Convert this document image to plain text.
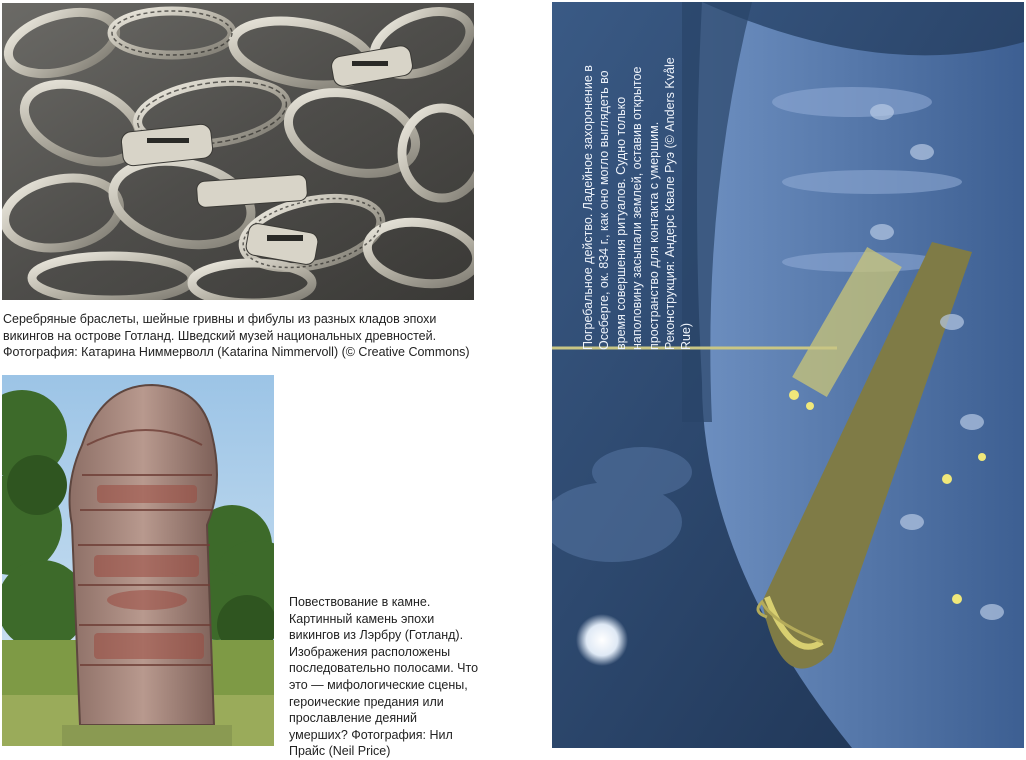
Серебряные браслеты, шейные гривны и фибулы из разных кладов эпохи викингов на острове Готланд. Шведский музей национальных древностей. Фотография: Катарина Ниммерволл (Katarina Nimmervoll) (© Creative Commons)

Повествование в камне. Картинный камень эпохи викингов из Лэрбру (Готланд). Изображения расположены последовательно полосами. Что это — мифологические сцены, героические предания или прославление деяний умерших? Фотография: Нил Прайс (Neil Price)

Погребальное действо. Ладейное захоронение в Осеберге, ок. 834 г., как оно могло выглядеть во время совершения ритуалов. Судно только наполовину засыпали землей, оставив открытое пространство для контакта с умершим. Реконструкция: Андерс Квале Руэ (© Anders Kvåle Rue)
